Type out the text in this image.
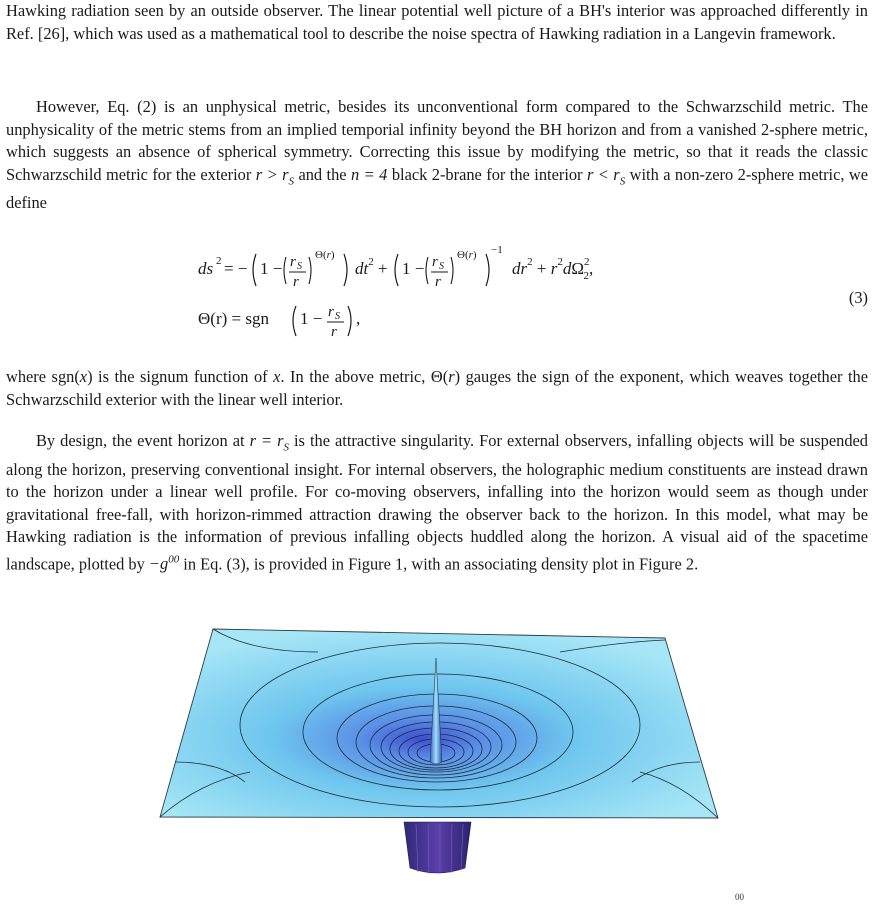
Hawking radiation seen by an outside observer. The linear potential well picture of a BH's interior was approached differently in Ref. [26], which was used as a mathematical tool to describe the noise spectra of Hawking radiation in a Langevin framework.

However, Eq. (2) is an unphysical metric, besides its unconventional form compared to the Schwarzschild metric. The unphysicality of the metric stems from an implied temporial infinity beyond the BH horizon and from a vanished 2-sphere metric, which suggests an absence of spherical symmetry. Correcting this issue by modifying the metric, so that it reads the classic Schwarzschild metric for the exterior $r > r_S$ and the n = 4 black 2-brane for the interior $r < r_S$ with a non-zero 2-sphere metric, we define

ds 2 = − 1 − r S
r
Θ(r)
$dt^2 + 1 - r$ S
r
Θ(r) −1
$dr^2 + r^2d\Omega^2$ 2,
Θ(r) = sgn 1 − r S
r
,
(3)

where sgn(x) is the signum function of x. In the above metric, Θ(r) gauges the sign of the exponent, which weaves together the Schwarzschild exterior with the linear well interior.

By design, the event horizon at $r = r_S$ is the attractive singularity. For external observers, infalling objects will be suspended along the horizon, preserving conventional insight. For internal observers, the holographic medium constituents are instead drawn to the horizon under a linear well profile. For co-moving observers, infalling into the horizon would seem as though under gravitational free-fall, with horizon-rimmed attraction drawing the observer back to the horizon. In this model, what may be Hawking radiation is the information of previous infalling objects huddled along the horizon. A visual aid of the spacetime landscape, plotted by $-g^{00}$ in Eq. (3), is provided in Figure 1, with an associating density plot in Figure 2.

00
